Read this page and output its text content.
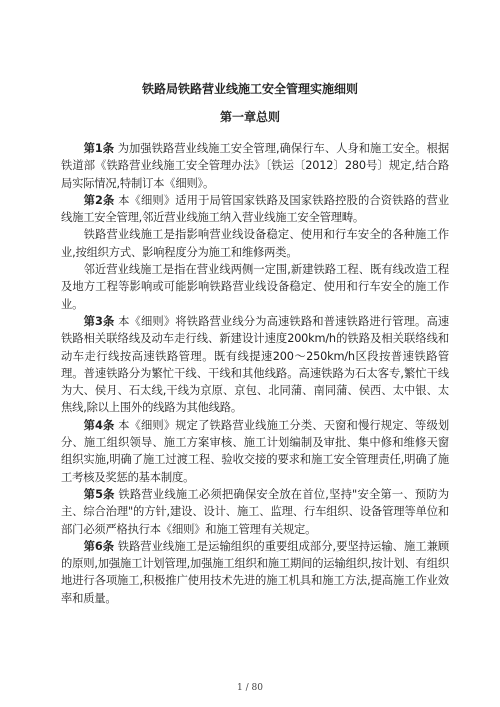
铁路局铁路营业线施工安全管理实施细则
第一章总则

第1条 为加强铁路营业线施工安全管理,确保行车、人身和施工安全。根据铁道部《铁路营业线施工安全管理办法》〔铁运〔2012〕280号〕规定,结合路局实际情况,特制订本《细则》。

第2条 本《细则》适用于局管国家铁路及国家铁路控股的合资铁路的营业线施工安全管理,邻近营业线施工纳入营业线施工安全管理畴。

铁路营业线施工是指影响营业线设备稳定、使用和行车安全的各种施工作业,按组织方式、影响程度分为施工和维修两类。

邻近营业线施工是指在营业线两侧一定围,新建铁路工程、既有线改造工程及地方工程等影响或可能影响铁路营业线设备稳定、使用和行车安全的施工作业。

第3条 本《细则》将铁路营业线分为高速铁路和普速铁路进行管理。高速铁路相关联络线及动车走行线、新建设计速度200km/h的铁路及相关联络线和动车走行线按高速铁路管理。既有线提速200～250km/h区段按普速铁路管理。普速铁路分为繁忙干线、干线和其他线路。高速铁路为石太客专,繁忙干线为大、侯月、石太线,干线为京原、京包、北同蒲、南同蒲、侯西、太中银、太焦线,除以上围外的线路为其他线路。

第4条 本《细则》规定了铁路营业线施工分类、天窗和慢行规定、等级划分、施工组织领导、施工方案审核、施工计划编制及审批、集中修和维修天窗组织实施,明确了施工过渡工程、验收交接的要求和施工安全管理责任,明确了施工考核及奖惩的基本制度。

第5条 铁路营业线施工必须把确保安全放在首位,坚持"安全第一、预防为主、综合治理"的方针,建设、设计、施工、监理、行车组织、设备管理等单位和部门必须严格执行本《细则》和施工管理有关规定。

第6条 铁路营业线施工是运输组织的重要组成部分,要坚持运输、施工兼顾的原则,加强施工计划管理,加强施工组织和施工期间的运输组织,按计划、有组织地进行各项施工,积极推广使用技术先进的施工机具和施工方法,提高施工作业效率和质量。

1 / 80
